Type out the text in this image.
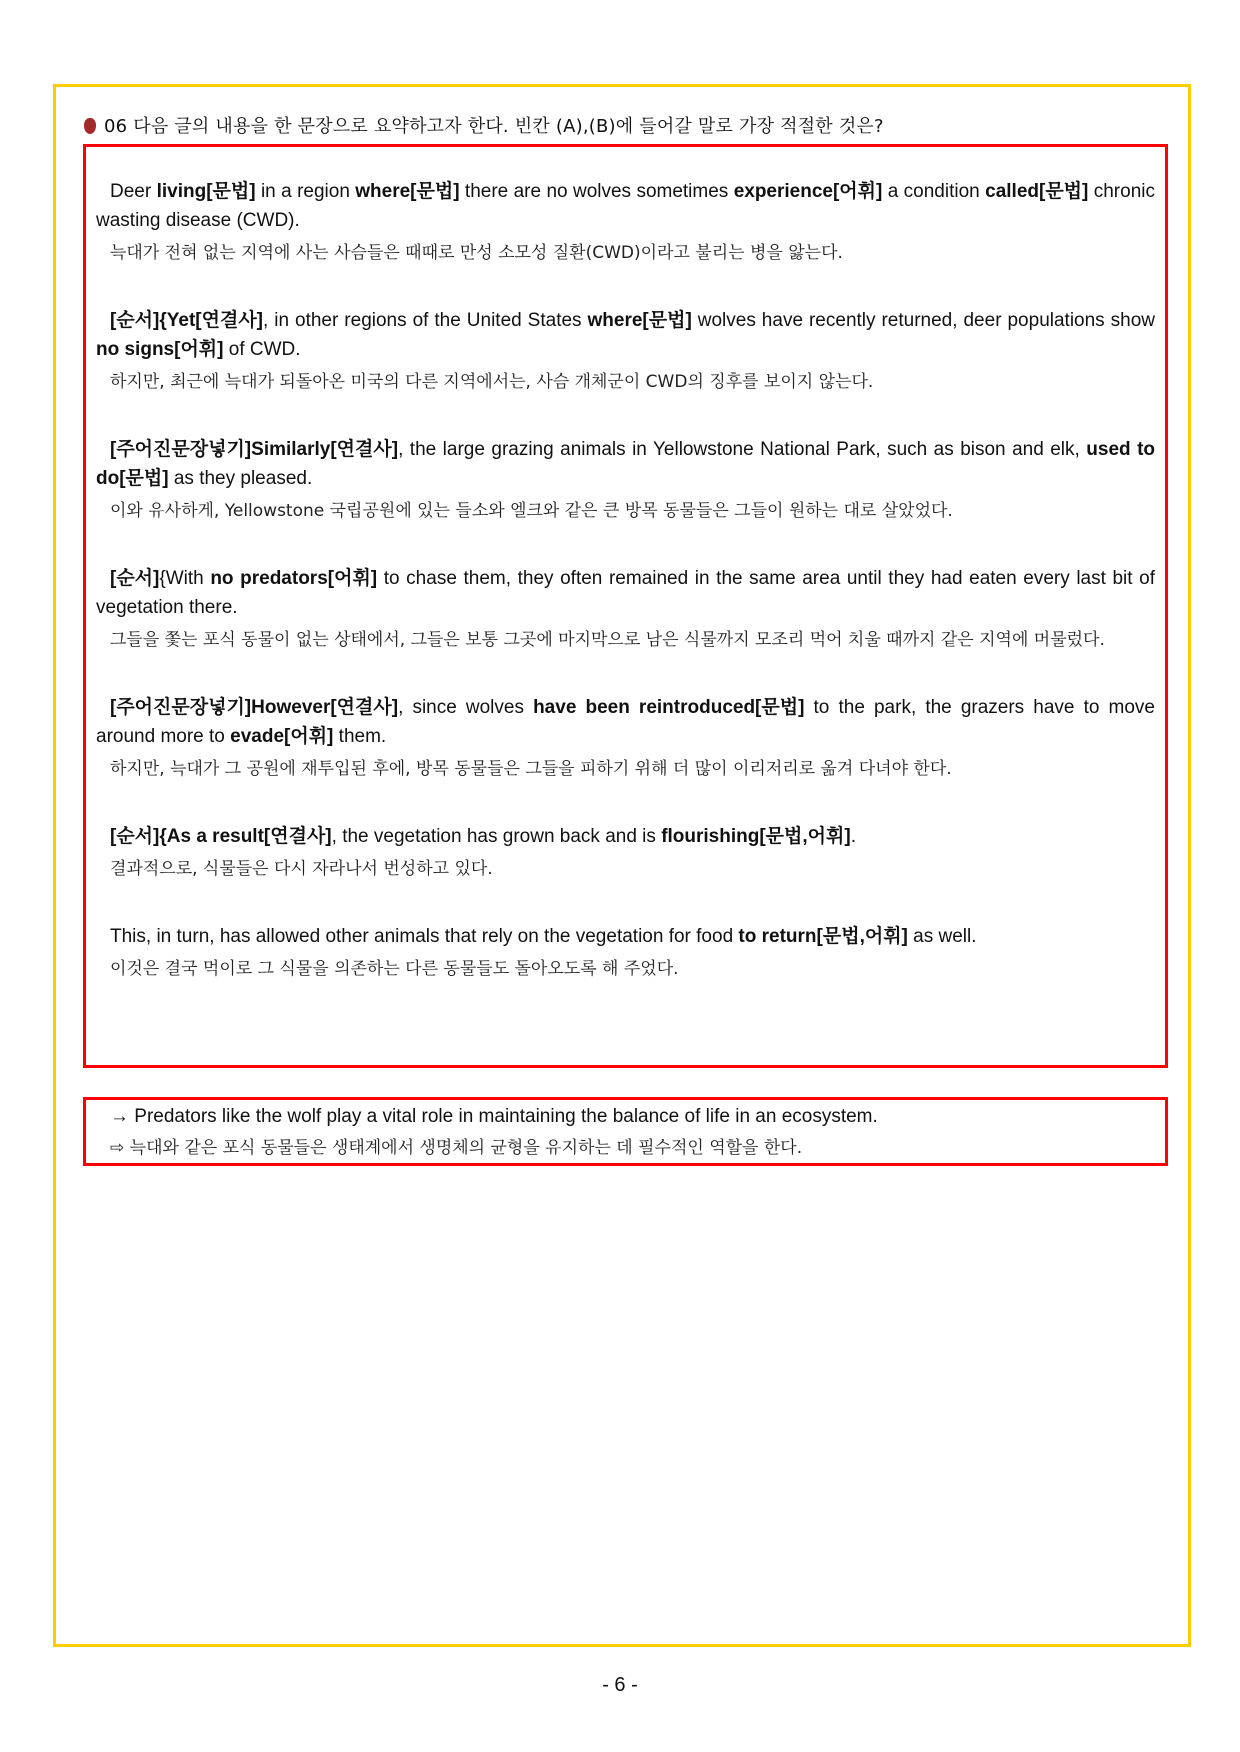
06 다음 글의 내용을 한 문장으로 요약하고자 한다. 빈칸 (A),(B)에 들어갈 말로 가장 적절한 것은?
Deer living[문법] in a region where[문법] there are no wolves sometimes experience[어휘] a condition called[문법] chronic wasting disease (CWD).
늑대가 전혀 없는 지역에 사는 사슴들은 때때로 만성 소모성 질환(CWD)이라고 불리는 병을 앓는다.
[순서]{Yet[연결사], in other regions of the United States where[문법] wolves have recently returned, deer populations show no signs[어휘] of CWD.
하지만, 최근에 늑대가 되돌아온 미국의 다른 지역에서는, 사슴 개체군이 CWD의 징후를 보이지 않는다.
[주어진문장넣기]Similarly[연결사], the large grazing animals in Yellowstone National Park, such as bison and elk, used to do[문법] as they pleased.
이와 유사하게, Yellowstone 국립공원에 있는 들소와 엘크와 같은 큰 방목 동물들은 그들이 원하는 대로 살았었다.
[순서]{With no predators[어휘] to chase them, they often remained in the same area until they had eaten every last bit of vegetation there.
그들을 쫓는 포식 동물이 없는 상태에서, 그들은 보통 그곳에 마지막으로 남은 식물까지 모조리 먹어 치울 때까지 같은 지역에 머물렀다.
[주어진문장넣기]However[연결사], since wolves have been reintroduced[문법] to the park, the grazers have to move around more to evade[어휘] them.
하지만, 늑대가 그 공원에 재투입된 후에, 방목 동물들은 그들을 피하기 위해 더 많이 이리저리로 옮겨 다녀야 한다.
[순서]{As a result[연결사], the vegetation has grown back and is flourishing[문법,어휘].
결과적으로, 식물들은 다시 자라나서 번성하고 있다.
This, in turn, has allowed other animals that rely on the vegetation for food to return[문법,어휘] as well.
이것은 결국 먹이로 그 식물을 의존하는 다른 동물들도 돌아오도록 해 주었다.
→ Predators like the wolf play a vital role in maintaining the balance of life in an ecosystem.
⇨ 늑대와 같은 포식 동물들은 생태계에서 생명체의 균형을 유지하는 데 필수적인 역할을 한다.
- 6 -
